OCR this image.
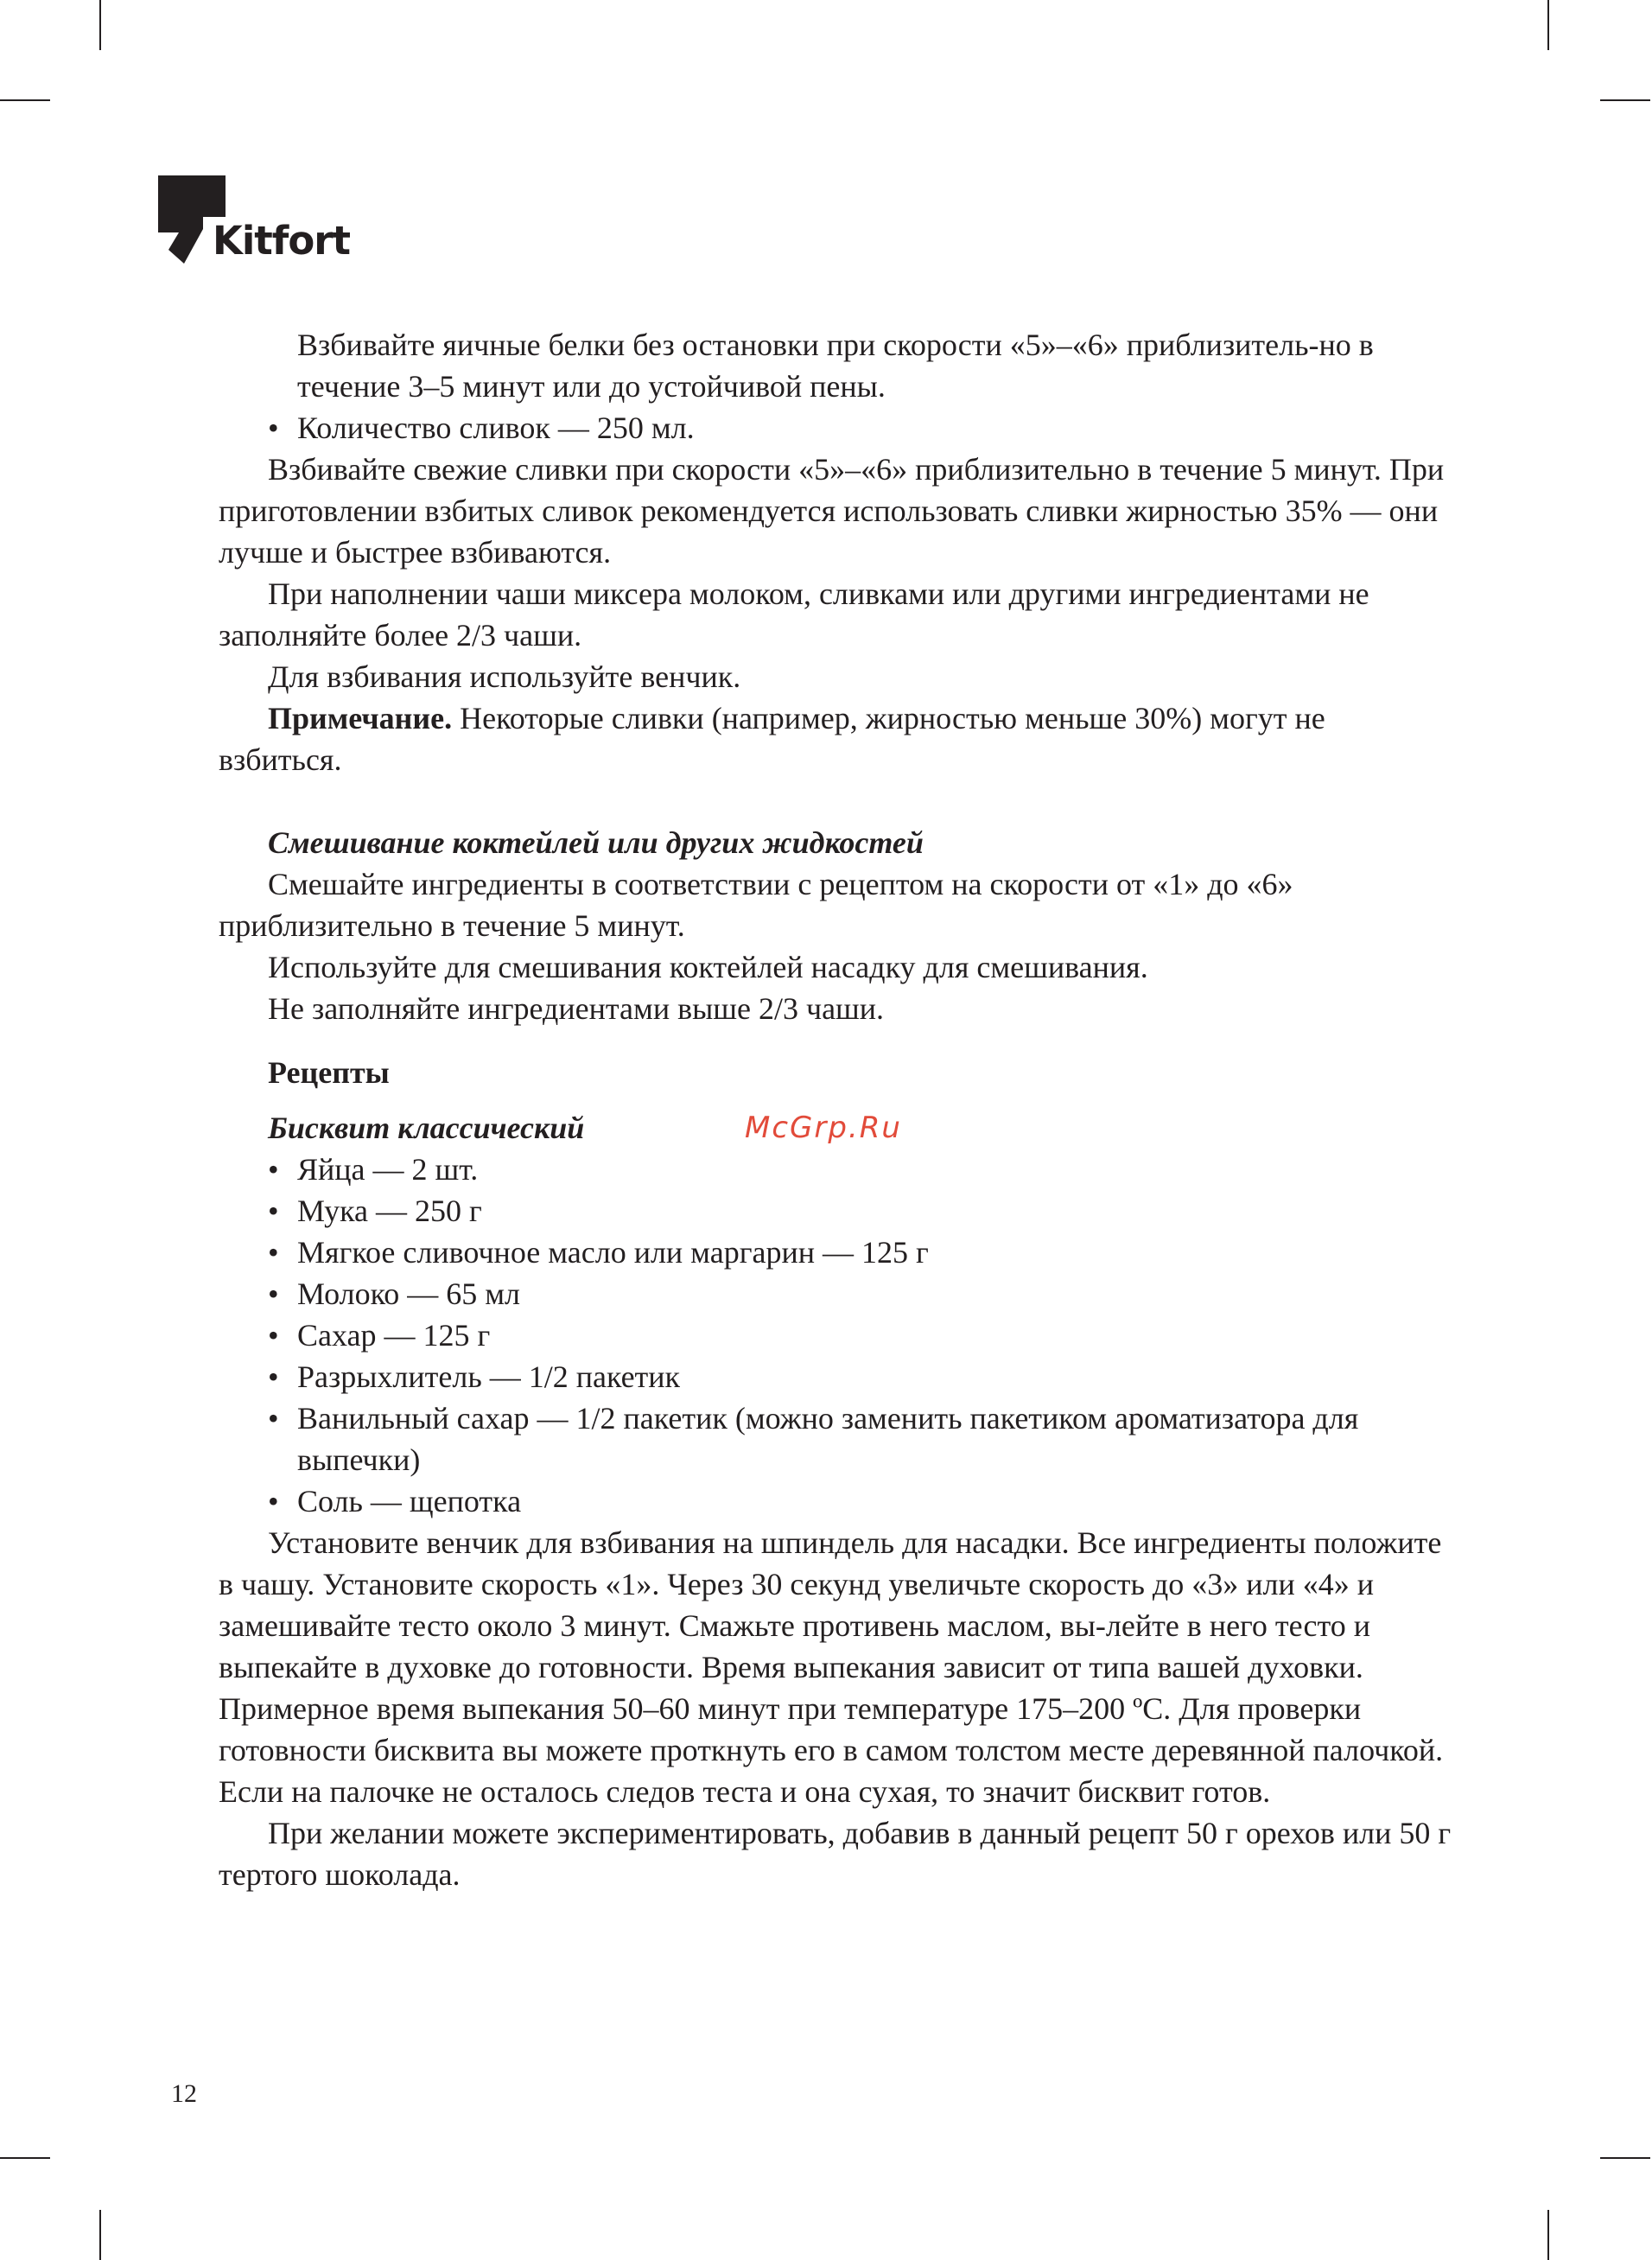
Kitfort

Взбивайте яичные белки без остановки при скорости «5»–«6» приблизитель-но в течение 3–5 минут или до устойчивой пены.

• Количество сливок — 250 мл.

Взбивайте свежие сливки при скорости «5»–«6» приблизительно в течение 5 минут. При приготовлении взбитых сливок рекомендуется использовать сливки жирностью 35% — они лучше и быстрее взбиваются.

При наполнении чаши миксера молоком, сливками или другими ингредиентами не заполняйте более 2/3 чаши.

Для взбивания используйте венчик.

Примечание. Некоторые сливки (например, жирностью меньше 30%) могут не взбиться.

Смешивание коктейлей или других жидкостей

Смешайте ингредиенты в соответствии с рецептом на скорости от «1» до «6» приблизительно в течение 5 минут.

Используйте для смешивания коктейлей насадку для смешивания.

Не заполняйте ингредиентами выше 2/3 чаши.

Рецепты

Бисквит классический

• Яйца — 2 шт.

• Мука — 250 г

• Мягкое сливочное масло или маргарин — 125 г

• Молоко — 65 мл

• Сахар — 125 г

• Разрыхлитель — 1/2 пакетик

• Ванильный сахар — 1/2 пакетик (можно заменить пакетиком ароматизатора для выпечки)

• Соль — щепотка

Установите венчик для взбивания на шпиндель для насадки. Все ингредиенты положите в чашу. Установите скорость «1». Через 30 секунд увеличьте скорость до «3» или «4» и замешивайте тесто около 3 минут. Смажьте противень маслом, вы-лейте в него тесто и выпекайте в духовке до готовности. Время выпекания зависит от типа вашей духовки. Примерное время выпекания 50–60 минут при температуре 175–200 ºС. Для проверки готовности бисквита вы можете проткнуть его в самом толстом месте деревянной палочкой. Если на палочке не осталось следов теста и она сухая, то значит бисквит готов.

При желании можете экспериментировать, добавив в данный рецепт 50 г орехов или 50 г тертого шоколада.

McGrp.Ru
12
